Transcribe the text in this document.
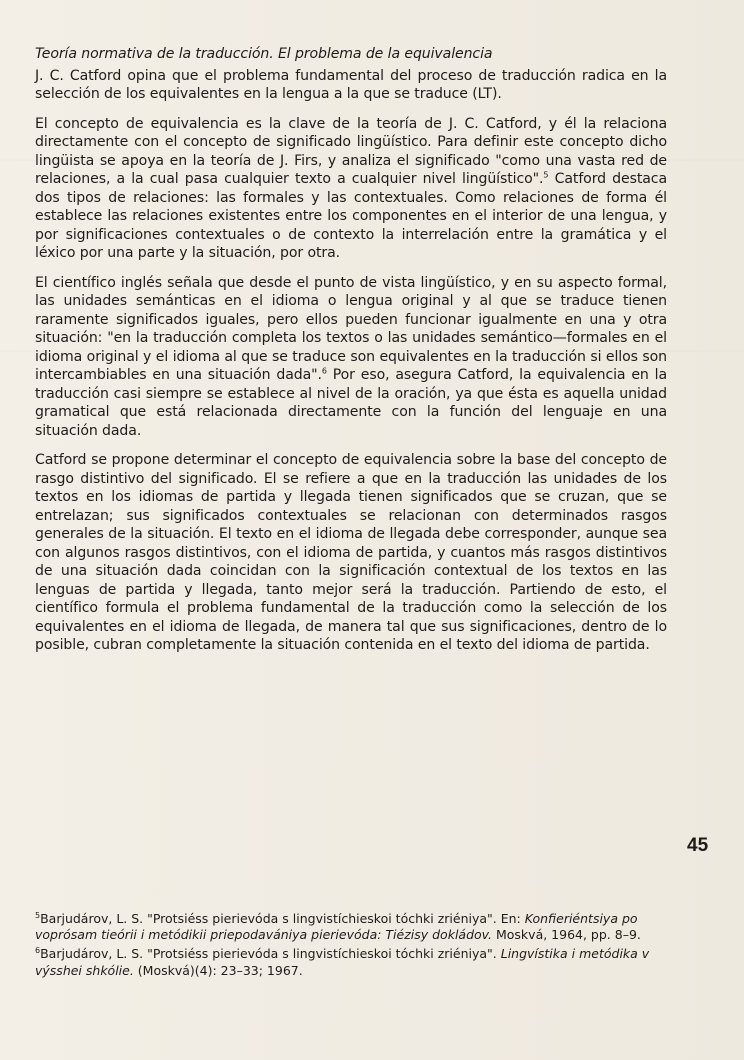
Teoría normativa de la traducción. El problema de la equivalencia

J. C. Catford opina que el problema fundamental del proceso de traducción radica en la selección de los equivalentes en la lengua a la que se traduce (LT).

El concepto de equivalencia es la clave de la teoría de J. C. Catford, y él la relaciona directamente con el concepto de significado lingüístico. Para definir este concepto dicho lingüista se apoya en la teoría de J. Firs, y analiza el significado "como una vasta red de relaciones, a la cual pasa cualquier texto a cualquier nivel lingüístico".$^5$ Catford destaca dos tipos de relaciones: las formales y las contextuales. Como relaciones de forma él establece las relaciones existentes entre los componentes en el interior de una lengua, y por significaciones contextuales o de contexto la interrelación entre la gramática y el léxico por una parte y la situación, por otra.

El científico inglés señala que desde el punto de vista lingüístico, y en su aspecto formal, las unidades semánticas en el idioma o lengua original y al que se traduce tienen raramente significados iguales, pero ellos pueden funcionar igualmente en una y otra situación: "en la traducción completa los textos o las unidades semántico—formales en el idioma original y el idioma al que se traduce son equivalentes en la traducción si ellos son intercambiables en una situación dada".$^6$ Por eso, asegura Catford, la equivalencia en la traducción casi siempre se establece al nivel de la oración, ya que ésta es aquella unidad gramatical que está relacionada directamente con la función del lenguaje en una situación dada.

Catford se propone determinar el concepto de equivalencia sobre la base del concepto de rasgo distintivo del significado. El se refiere a que en la traducción las unidades de los textos en los idiomas de partida y llegada tienen significados que se cruzan, que se entrelazan; sus significados contextuales se relacionan con determinados rasgos generales de la situación. El texto en el idioma de llegada debe corresponder, aunque sea con algunos rasgos distintivos, con el idioma de partida, y cuantos más rasgos distintivos de una situación dada coincidan con la significación contextual de los textos en las lenguas de partida y llegada, tanto mejor será la traducción. Partiendo de esto, el científico formula el problema fundamental de la traducción como la selección de los equivalentes en el idioma de llegada, de manera tal que sus significaciones, dentro de lo posible, cubran completamente la situación contenida en el texto del idioma de partida.

45

$^5$Barjudárov, L. S. "Protsiéss pierievóda s lingvistíchieskoi tóchki zriéniya". En: Konfieriéntsiya po voprósam tieórii i metódikii priepodavániya pierievóda: Tiézisy dokládov. Moskvá, 1964, pp. 8–9.

$^6$Barjudárov, L. S. "Protsiéss pierievóda s lingvistíchieskoi tóchki zriéniya". Lingvístika i metódika v výsshei shkólie. (Moskvá)(4): 23–33; 1967.
